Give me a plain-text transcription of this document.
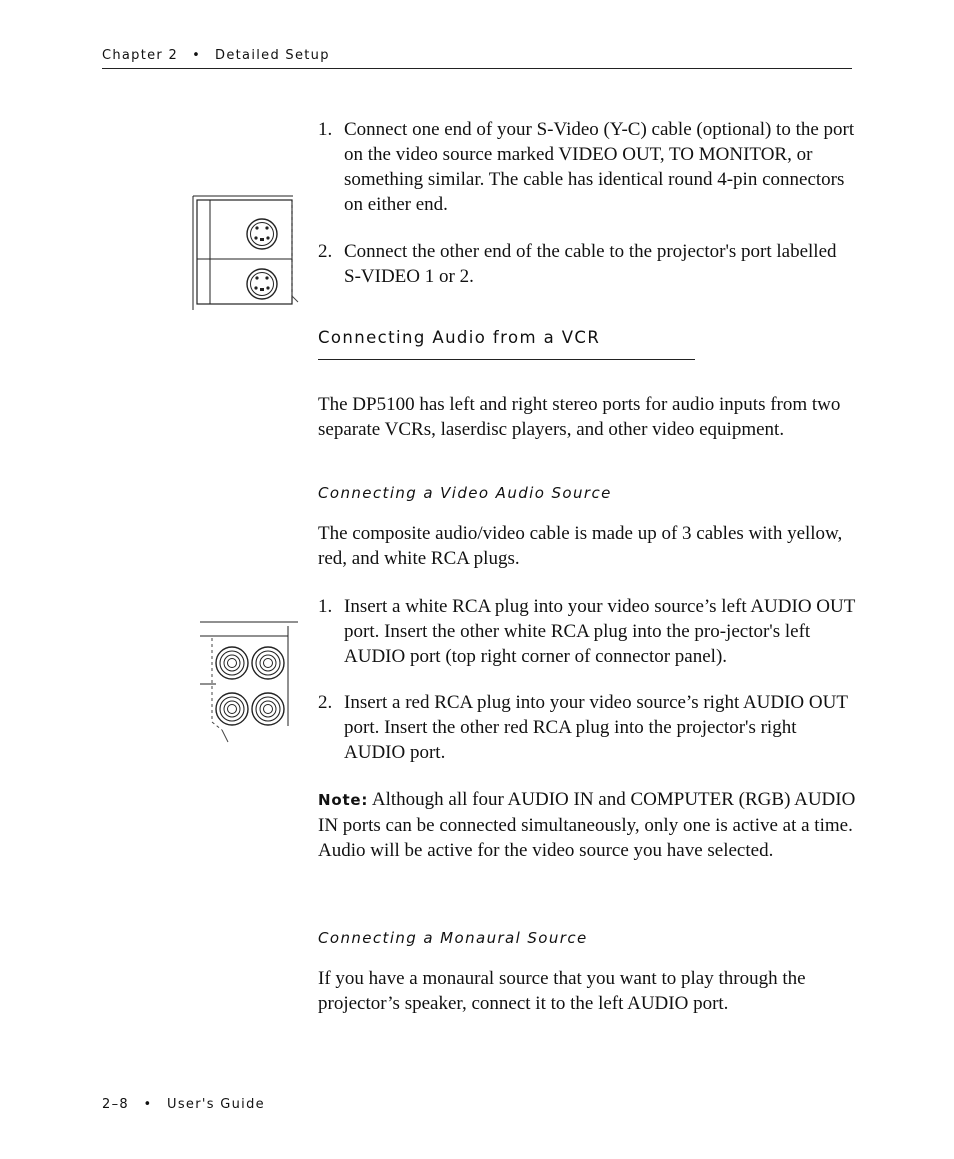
Chapter 2 • Detailed Setup
1. Connect one end of your S-Video (Y-C) cable (optional) to the port on the video source marked VIDEO OUT, TO MONITOR, or something similar. The cable has identical round 4-pin connectors on either end.
2. Connect the other end of the cable to the projector's port labelled S-VIDEO 1 or 2.
Connecting Audio from a VCR
The DP5100 has left and right stereo ports for audio inputs from two separate VCRs, laserdisc players, and other video equipment.
Connecting a Video Audio Source
The composite audio/video cable is made up of 3 cables with yellow, red, and white RCA plugs.
1. Insert a white RCA plug into your video source’s left AUDIO OUT port. Insert the other white RCA plug into the pro-jector's left AUDIO port (top right corner of connector panel).
2. Insert a red RCA plug into your video source’s right AUDIO OUT port. Insert the other red RCA plug into the projector's right AUDIO port.
Note: Although all four AUDIO IN and COMPUTER (RGB) AUDIO IN ports can be connected simultaneously, only one is active at a time. Audio will be active for the video source you have selected.
Connecting a Monaural Source
If you have a monaural source that you want to play through the projector’s speaker, connect it to the left AUDIO port.
2–8 • User's Guide
